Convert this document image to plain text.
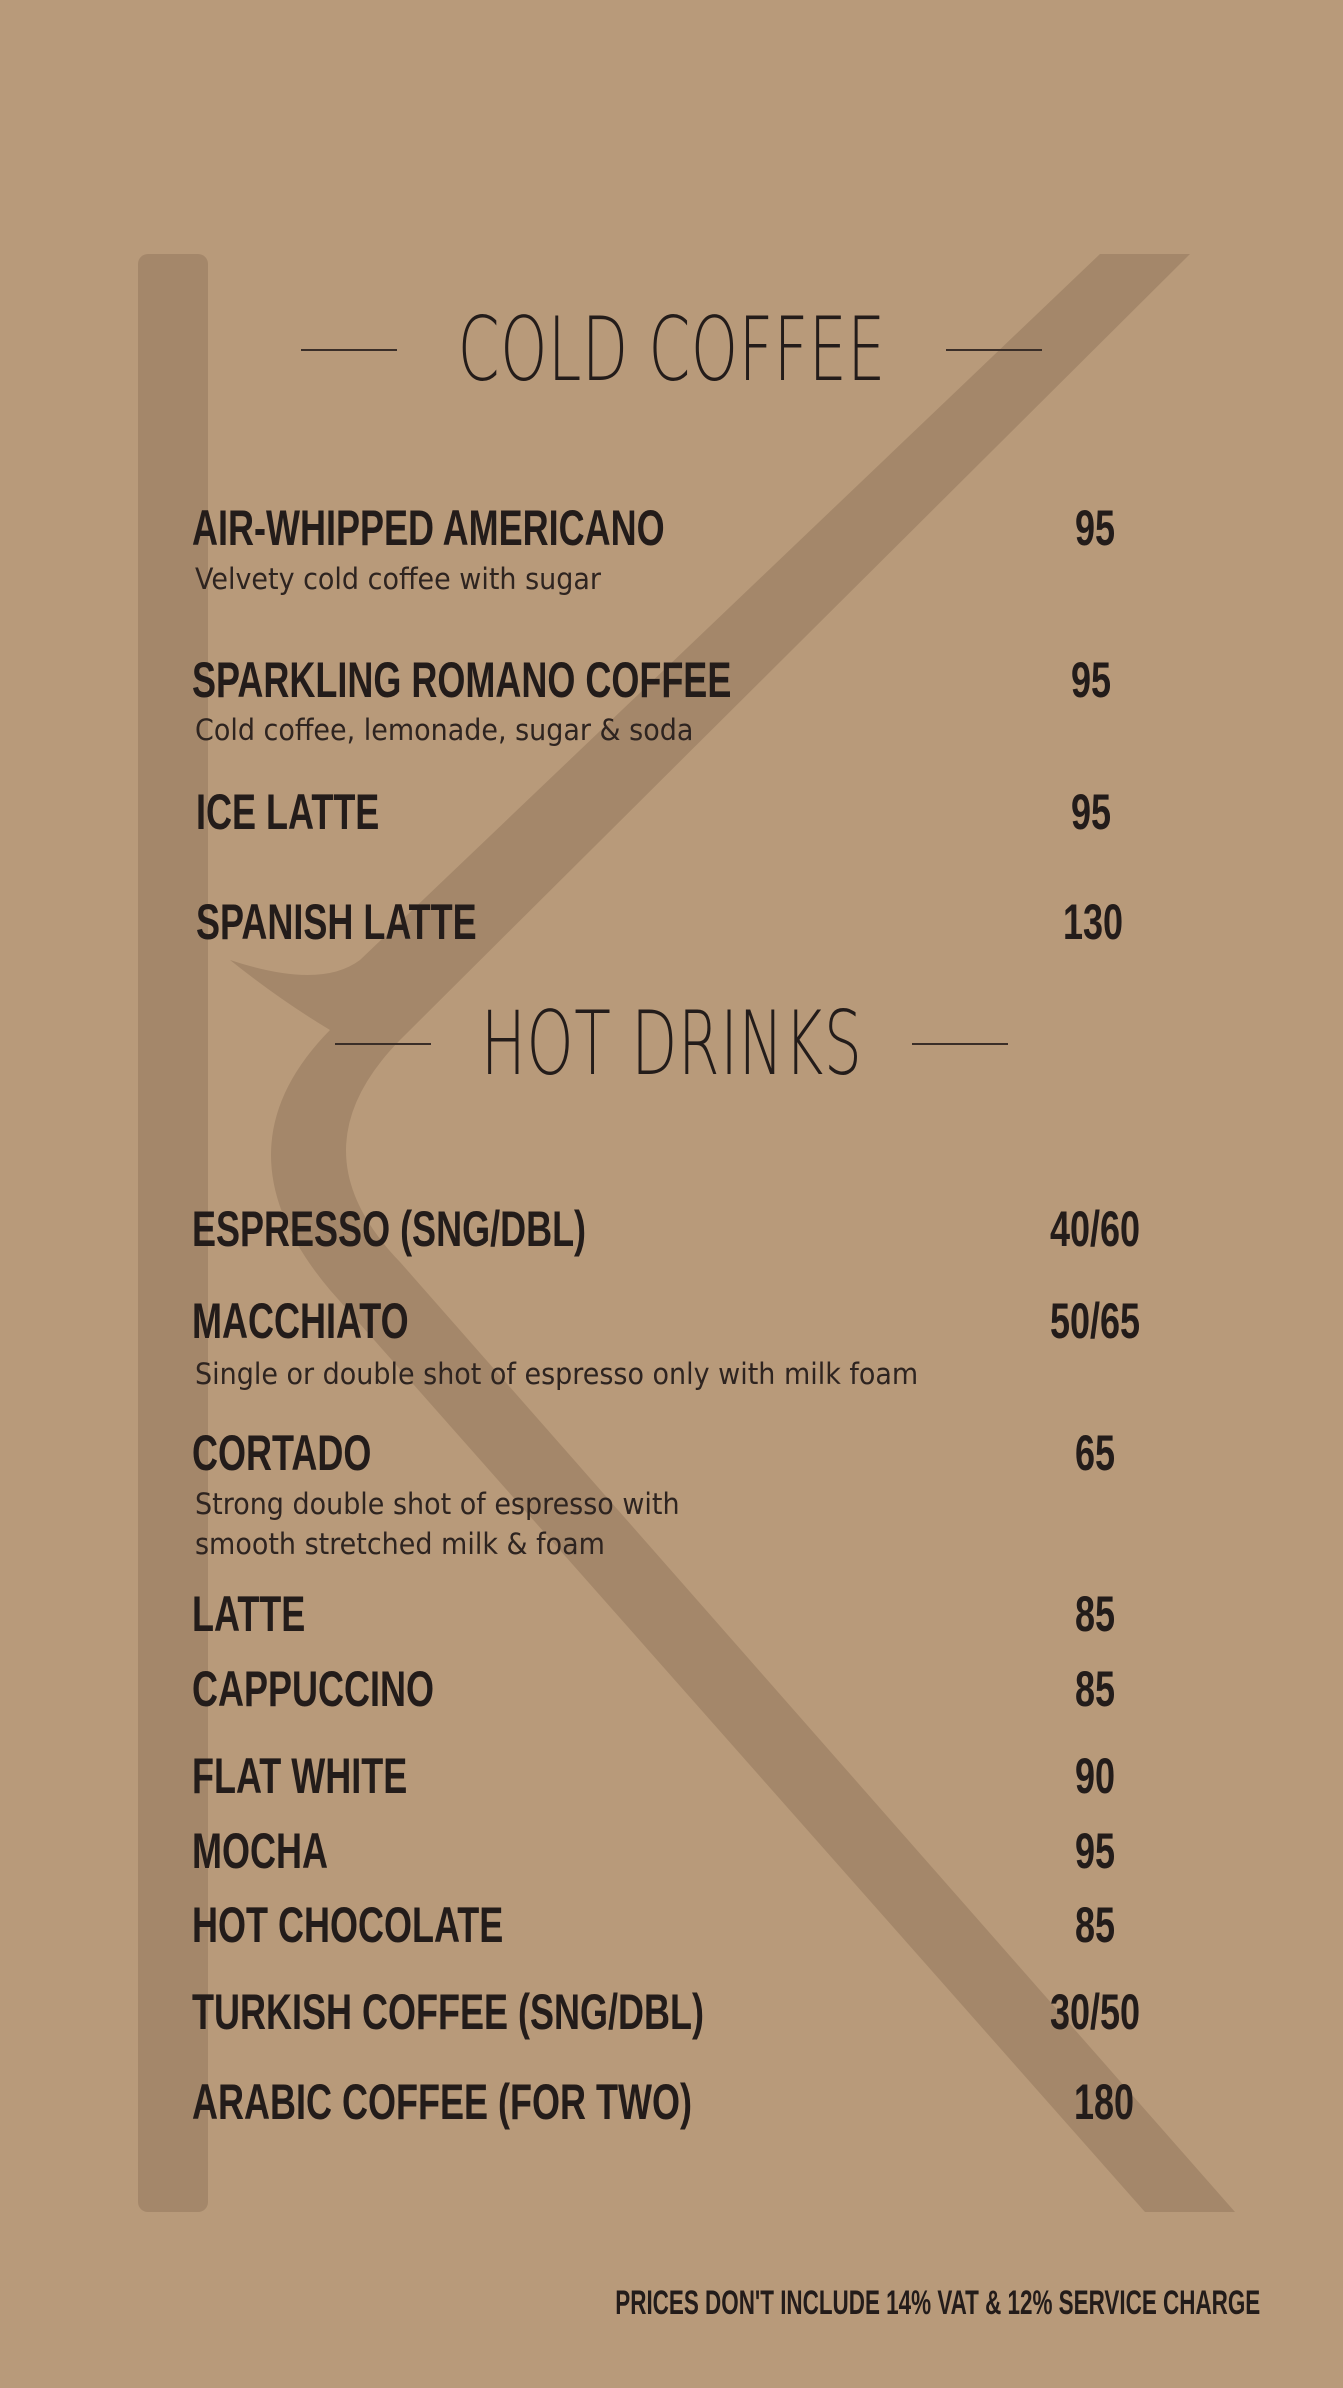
COLD COFFEE
AIR-WHIPPED AMERICANO	95
Velvety cold coffee with sugar
SPARKLING ROMANO COFFEE	95
Cold coffee, lemonade, sugar & soda
ICE LATTE	95
SPANISH LATTE	130
HOT DRINKS
ESPRESSO (SNG/DBL)	40/60
MACCHIATO	50/65
Single or double shot of espresso only with milk foam
CORTADO	65
Strong double shot of espresso with
smooth stretched milk & foam
LATTE	85
CAPPUCCINO	85
FLAT WHITE	90
MOCHA	95
HOT CHOCOLATE	85
TURKISH COFFEE (SNG/DBL)	30/50
ARABIC COFFEE (FOR TWO)	180
PRICES DON'T INCLUDE 14% VAT & 12% SERVICE CHARGE
